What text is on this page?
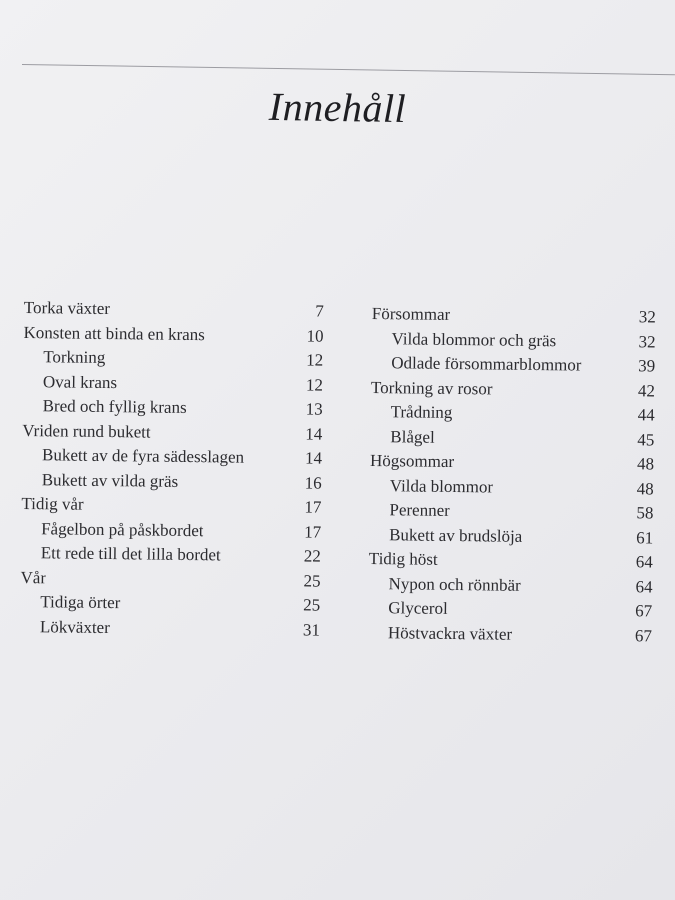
Innehåll
Torka växter	7
Konsten att binda en krans	10
Torkning	12
Oval krans	12
Bred och fyllig krans	13
Vriden rund bukett	14
Bukett av de fyra sädesslagen	14
Bukett av vilda gräs	16
Tidig vår	17
Fågelbon på påskbordet	17
Ett rede till det lilla bordet	22
Vår	25
Tidiga örter	25
Lökväxter	31
Försommar	32
Vilda blommor och gräs	32
Odlade försommarblommor	39
Torkning av rosor	42
Trådning	44
Blågel	45
Högsommar	48
Vilda blommor	48
Perenner	58
Bukett av brudslöja	61
Tidig höst	64
Nypon och rönnbär	64
Glycerol	67
Höstvackra växter	67
